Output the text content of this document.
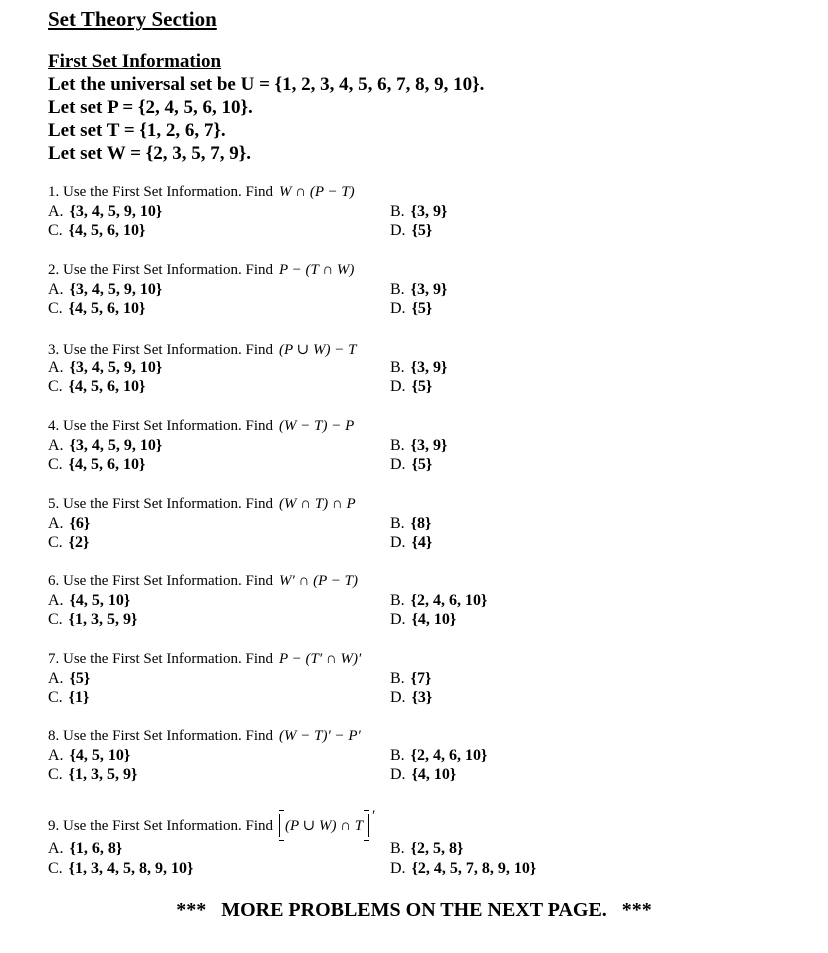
Set Theory Section
First Set Information
Let the universal set be U = {1, 2, 3, 4, 5, 6, 7, 8, 9, 10}.
Let set P = {2, 4, 5, 6, 10}.
Let set T = {1, 2, 6, 7}.
Let set W = {2, 3, 5, 7, 9}.
1. Use the First Set Information. Find W ∩ (P − T)
A. {3, 4, 5, 9, 10}	B. {3, 9}
C. {4, 5, 6, 10}	D. {5}
2. Use the First Set Information. Find P − (T ∩ W)
A. {3, 4, 5, 9, 10}	B. {3, 9}
C. {4, 5, 6, 10}	D. {5}
3. Use the First Set Information. Find (P ∪ W) − T
A. {3, 4, 5, 9, 10}	B. {3, 9}
C. {4, 5, 6, 10}	D. {5}
4. Use the First Set Information. Find (W − T) − P
A. {3, 4, 5, 9, 10}	B. {3, 9}
C. {4, 5, 6, 10}	D. {5}
5. Use the First Set Information. Find (W ∩ T) ∩ P
A. {6}	B. {8}
C. {2}	D. {4}
6. Use the First Set Information. Find W′ ∩ (P − T)
A. {4, 5, 10}	B. {2, 4, 6, 10}
C. {1, 3, 5, 9}	D. {4, 10}
7. Use the First Set Information. Find P − (T′ ∩ W)′
A. {5}	B. {7}
C. {1}	D. {3}
8. Use the First Set Information. Find (W − T)′ − P′
A. {4, 5, 10}	B. {2, 4, 6, 10}
C. {1, 3, 5, 9}	D. {4, 10}
9. Use the First Set Information. Find (P ∪ W) ∩ T′
A. {1, 6, 8}	B. {2, 5, 8}
C. {1, 3, 4, 5, 8, 9, 10}	D. {2, 4, 5, 7, 8, 9, 10}
***   MORE PROBLEMS ON THE NEXT PAGE.   ***
